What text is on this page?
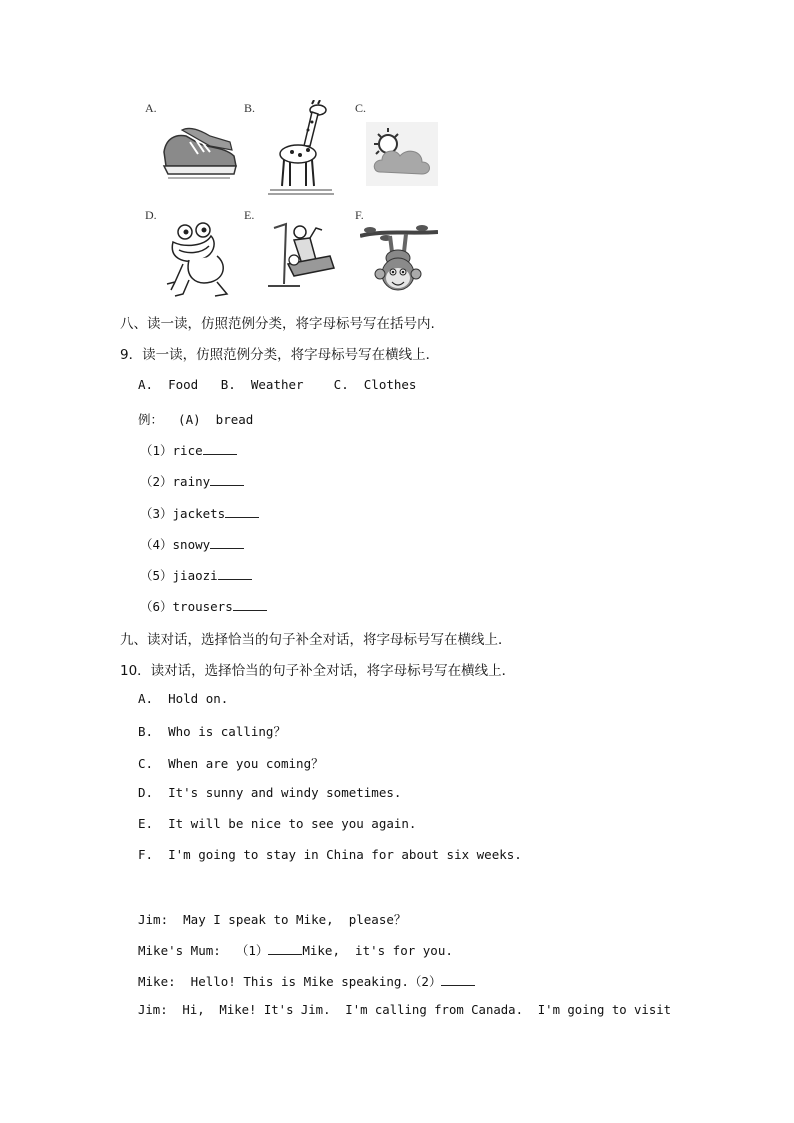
A.	B.	C.
D.	E.	F.
八、读一读，仿照范例分类，将字母标号写在括号内.
9．读一读，仿照范例分类，将字母标号写在横线上．
A.  Food   B.  Weather    C.  Clothes
例：  (A)  bread
（1）rice
（2）rainy
（3）jackets
（4）snowy
（5）jiaozi
（6）trousers
九、读对话，选择恰当的句子补全对话，将字母标号写在横线上．
10．读对话，选择恰当的句子补全对话，将字母标号写在横线上．
A.  Hold on.
B.  Who is calling？
C.  When are you coming？
D.  It's sunny and windy sometimes.
E.  It will be nice to see you again.
F.  I'm going to stay in China for about six weeks.
Jim:  May I speak to Mike,  please？
Mike's Mum:  （1）	Mike,  it's for you.
Mike:  Hello! This is Mike speaking.（2）
Jim:  Hi,  Mike! It's Jim.  I'm calling from Canada.  I'm going to visit
